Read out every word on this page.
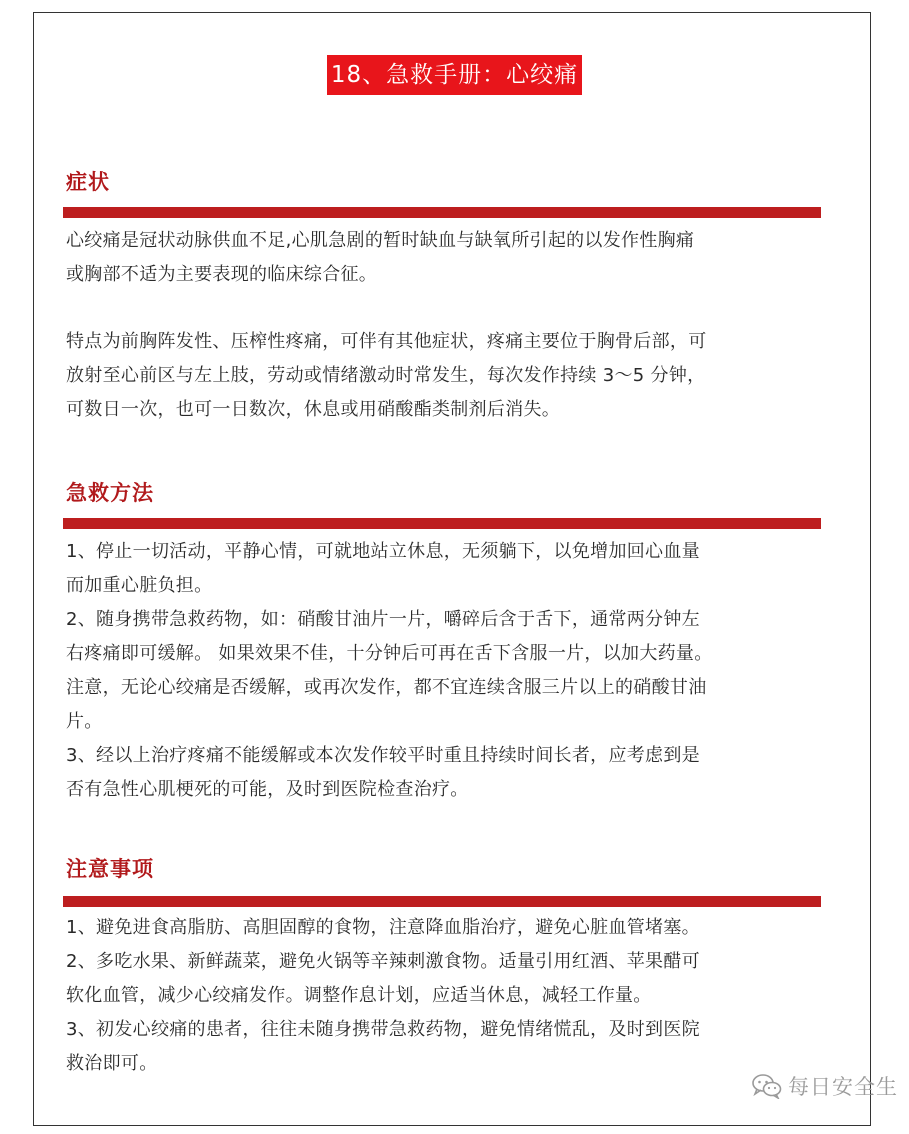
18、急救手册：心绞痛
症状

心绞痛是冠状动脉供血不足,心肌急剧的暂时缺血与缺氧所引起的以发作性胸痛
或胸部不适为主要表现的临床综合征。

特点为前胸阵发性、压榨性疼痛，可伴有其他症状，疼痛主要位于胸骨后部，可
放射至心前区与左上肢，劳动或情绪激动时常发生，每次发作持续 3～5 分钟，
可数日一次，也可一日数次，休息或用硝酸酯类制剂后消失。

急救方法

1、停止一切活动，平静心情，可就地站立休息，无须躺下，以免增加回心血量
而加重心脏负担。
2、随身携带急救药物，如：硝酸甘油片一片，嚼碎后含于舌下，通常两分钟左
右疼痛即可缓解。 如果效果不佳，十分钟后可再在舌下含服一片，以加大药量。
注意，无论心绞痛是否缓解，或再次发作，都不宜连续含服三片以上的硝酸甘油
片。
3、经以上治疗疼痛不能缓解或本次发作较平时重且持续时间长者，应考虑到是
否有急性心肌梗死的可能，及时到医院检查治疗。

注意事项

1、避免进食高脂肪、高胆固醇的食物，注意降血脂治疗，避免心脏血管堵塞。
2、多吃水果、新鲜蔬菜，避免火锅等辛辣刺激食物。适量引用红酒、苹果醋可
软化血管，减少心绞痛发作。调整作息计划，应适当休息，减轻工作量。
3、初发心绞痛的患者，往往未随身携带急救药物，避免情绪慌乱，及时到医院
救治即可。

每日安全生
